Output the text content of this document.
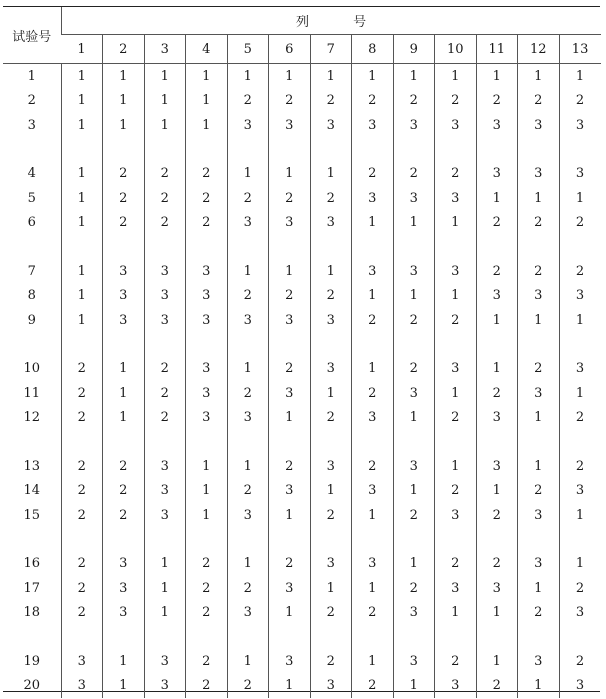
试验号	列 号												
	1	2	3	4	5	6	7	8	9	10	11	12	13
1	1	1	1	1	1	1	1	1	1	1	1	1	1
2	1	1	1	1	2	2	2	2	2	2	2	2	2
3	1	1	1	1	3	3	3	3	3	3	3	3	3

4	1	2	2	2	1	1	1	2	2	2	3	3	3
5	1	2	2	2	2	2	2	3	3	3	1	1	1
6	1	2	2	2	3	3	3	1	1	1	2	2	2

7	1	3	3	3	1	1	1	3	3	3	2	2	2
8	1	3	3	3	2	2	2	1	1	1	3	3	3
9	1	3	3	3	3	3	3	2	2	2	1	1	1

10	2	1	2	3	1	2	3	1	2	3	1	2	3
11	2	1	2	3	2	3	1	2	3	1	2	3	1
12	2	1	2	3	3	1	2	3	1	2	3	1	2

13	2	2	3	1	1	2	3	2	3	1	3	1	2
14	2	2	3	1	2	3	1	3	1	2	1	2	3
15	2	2	3	1	3	1	2	1	2	3	2	3	1

16	2	3	1	2	1	2	3	3	1	2	2	3	1
17	2	3	1	2	2	3	1	1	2	3	3	1	2
18	2	3	1	2	3	1	2	2	3	1	1	2	3

19	3	1	3	2	1	3	2	1	3	2	1	3	2
20	3	1	3	2	2	1	3	2	1	3	2	1	3
